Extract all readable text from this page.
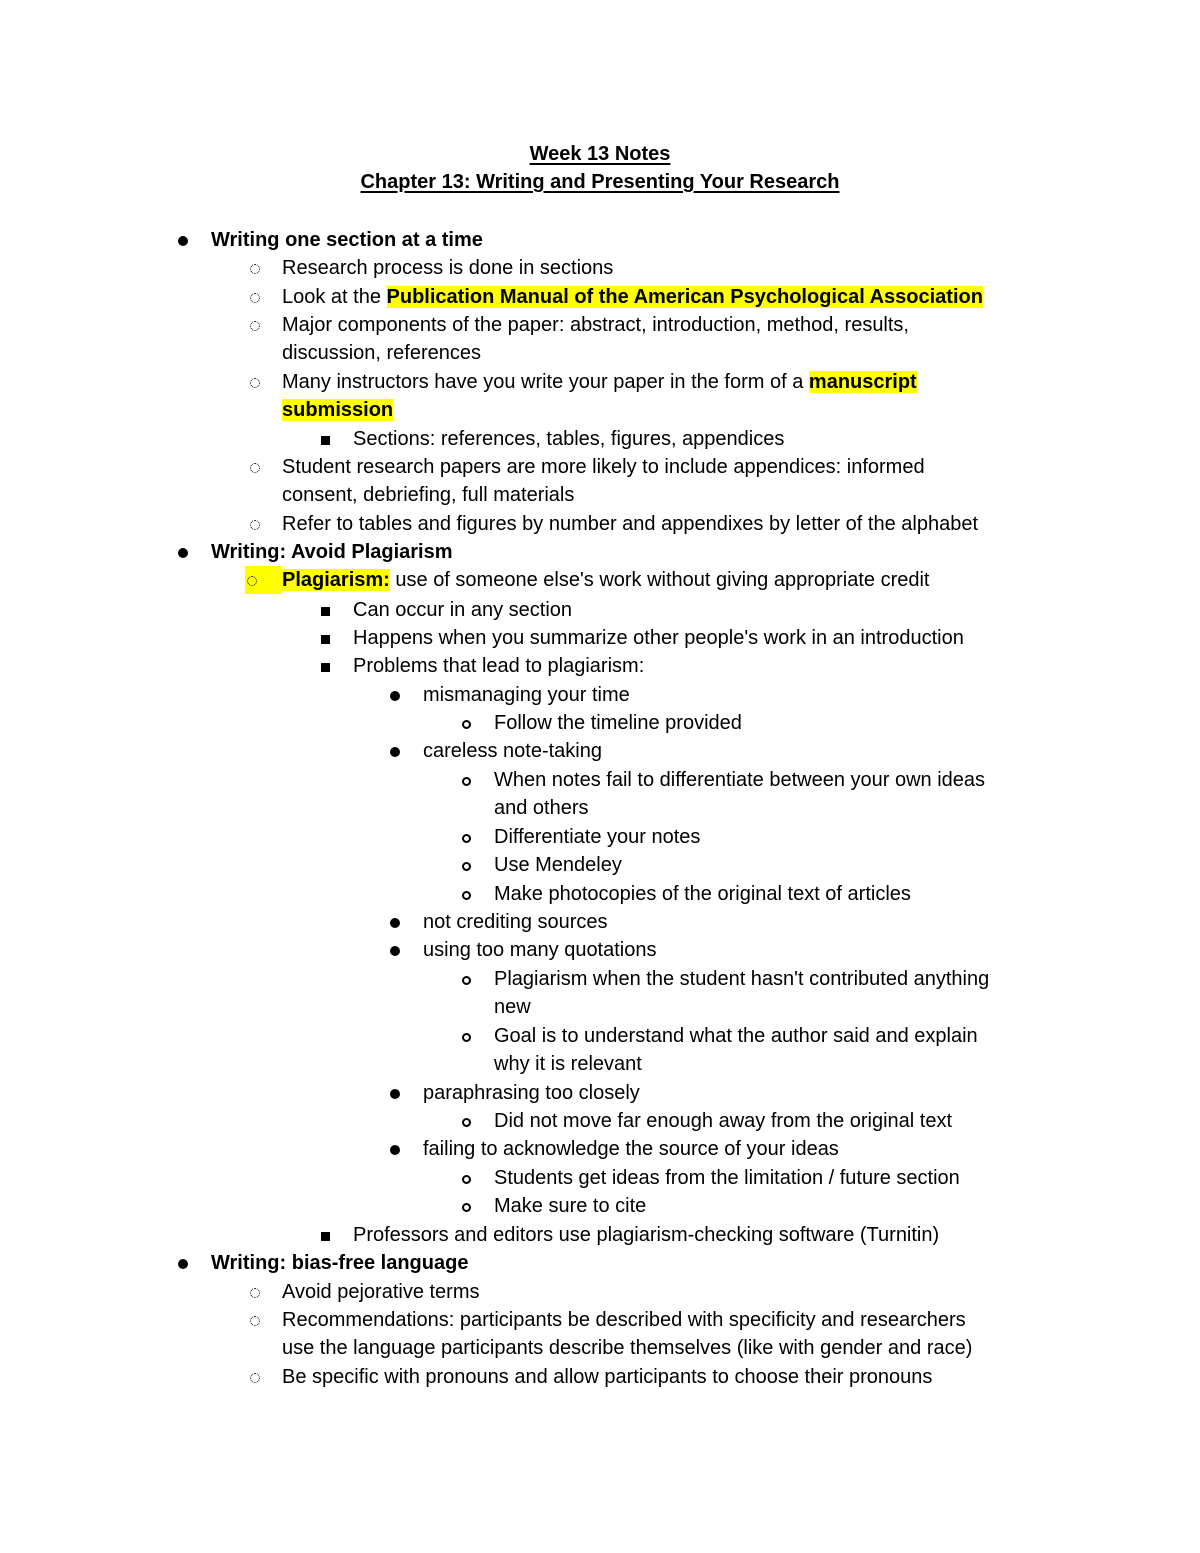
Week 13 Notes
Chapter 13: Writing and Presenting Your Research
Writing one section at a time
Research process is done in sections
Look at the Publication Manual of the American Psychological Association
Major components of the paper: abstract, introduction, method, results,
discussion, references
Many instructors have you write your paper in the form of a manuscript
submission
Sections: references, tables, figures, appendices
Student research papers are more likely to include appendices: informed
consent, debriefing, full materials
Refer to tables and figures by number and appendixes by letter of the alphabet
Writing: Avoid Plagiarism
Plagiarism: use of someone else's work without giving appropriate credit
Can occur in any section
Happens when you summarize other people's work in an introduction
Problems that lead to plagiarism:
mismanaging your time
Follow the timeline provided
careless note-taking
When notes fail to differentiate between your own ideas
and others
Differentiate your notes
Use Mendeley
Make photocopies of the original text of articles
not crediting sources
using too many quotations
Plagiarism when the student hasn't contributed anything
new
Goal is to understand what the author said and explain
why it is relevant
paraphrasing too closely
Did not move far enough away from the original text
failing to acknowledge the source of your ideas
Students get ideas from the limitation / future section
Make sure to cite
Professors and editors use plagiarism-checking software (Turnitin)
Writing: bias-free language
Avoid pejorative terms
Recommendations: participants be described with specificity and researchers
use the language participants describe themselves (like with gender and race)
Be specific with pronouns and allow participants to choose their pronouns
